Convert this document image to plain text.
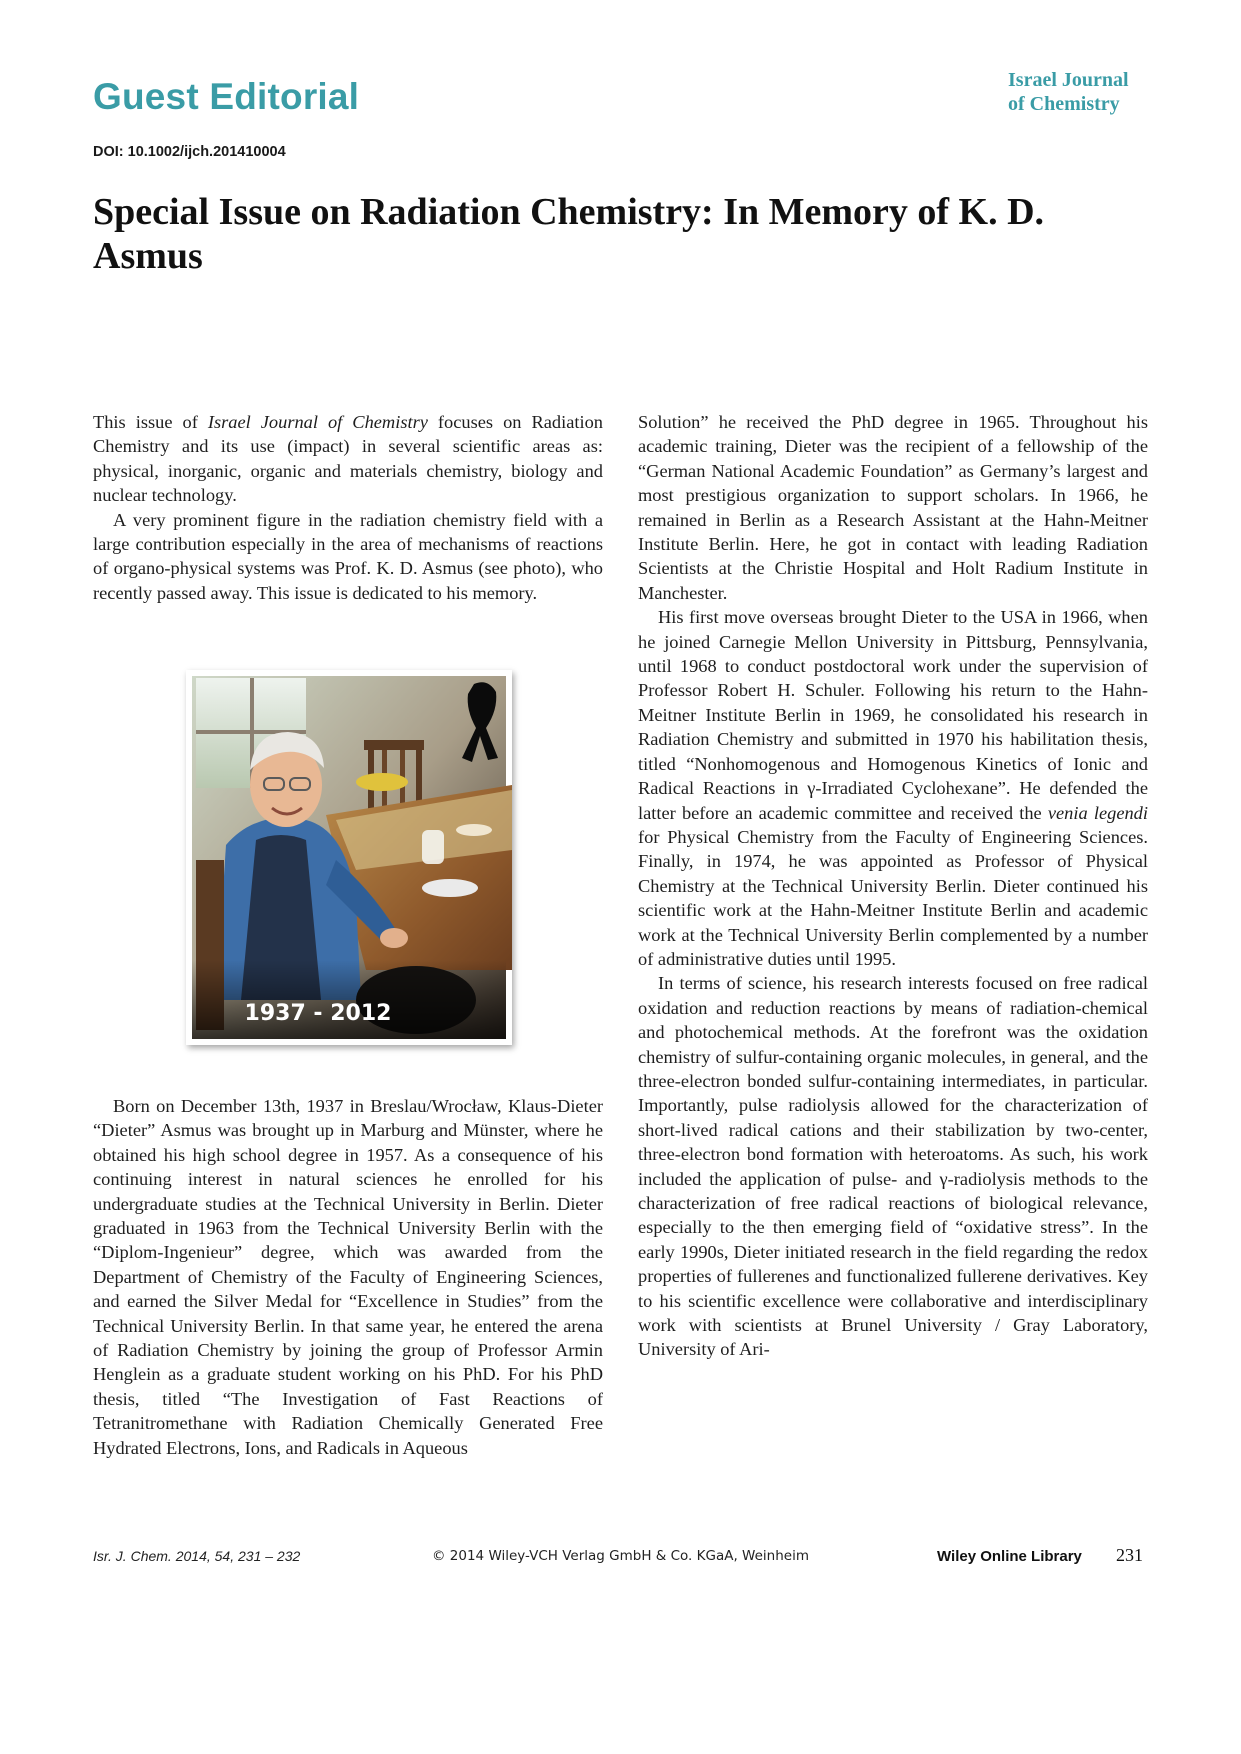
Guest Editorial	Israel Journal
of Chemistry
DOI: 10.1002/ijch.201410004
Special Issue on Radiation Chemistry: In Memory of K. D. Asmus

This issue of Israel Journal of Chemistry focuses on Radiation Chemistry and its use (impact) in several scientific areas as: physical, inorganic, organic and materials chemistry, biology and nuclear technology.

A very prominent figure in the radiation chemistry field with a large contribution especially in the area of mechanisms of reactions of organo-physical systems was Prof. K. D. Asmus (see photo), who recently passed away. This issue is dedicated to his memory.

1937 - 2012

Born on December 13th, 1937 in Breslau/Wrocław, Klaus-Dieter “Dieter” Asmus was brought up in Marburg and Münster, where he obtained his high school degree in 1957. As a consequence of his continuing interest in natural sciences he enrolled for his undergraduate studies at the Technical University in Berlin. Dieter graduated in 1963 from the Technical University Berlin with the “Diplom-Ingenieur” degree, which was awarded from the Department of Chemistry of the Faculty of Engineering Sciences, and earned the Silver Medal for “Excellence in Studies” from the Technical University Berlin. In that same year, he entered the arena of Radiation Chemistry by joining the group of Professor Armin Henglein as a graduate student working on his PhD. For his PhD thesis, titled “The Investigation of Fast Reactions of Tetranitromethane with Radiation Chemically Generated Free Hydrated Electrons, Ions, and Radicals in Aqueous

Solution” he received the PhD degree in 1965. Throughout his academic training, Dieter was the recipient of a fellowship of the “German National Academic Foundation” as Germany’s largest and most prestigious organization to support scholars. In 1966, he remained in Berlin as a Research Assistant at the Hahn-Meitner Institute Berlin. Here, he got in contact with leading Radiation Scientists at the Christie Hospital and Holt Radium Institute in Manchester.

His first move overseas brought Dieter to the USA in 1966, when he joined Carnegie Mellon University in Pittsburg, Pennsylvania, until 1968 to conduct postdoctoral work under the supervision of Professor Robert H. Schuler. Following his return to the Hahn-Meitner Institute Berlin in 1969, he consolidated his research in Radiation Chemistry and submitted in 1970 his habilitation thesis, titled “Nonhomogenous and Homogenous Kinetics of Ionic and Radical Reactions in γ-Irradiated Cyclohexane”. He defended the latter before an academic committee and received the venia legendi for Physical Chemistry from the Faculty of Engineering Sciences. Finally, in 1974, he was appointed as Professor of Physical Chemistry at the Technical University Berlin. Dieter continued his scientific work at the Hahn-Meitner Institute Berlin and academic work at the Technical University Berlin complemented by a number of administrative duties until 1995.

In terms of science, his research interests focused on free radical oxidation and reduction reactions by means of radiation-chemical and photochemical methods. At the forefront was the oxidation chemistry of sulfur-containing organic molecules, in general, and the three-electron bonded sulfur-containing intermediates, in particular. Importantly, pulse radiolysis allowed for the characterization of short-lived radical cations and their stabilization by two-center, three-electron bond formation with heteroatoms. As such, his work included the application of pulse- and γ-radiolysis methods to the characterization of free radical reactions of biological relevance, especially to the then emerging field of “oxidative stress”. In the early 1990s, Dieter initiated research in the field regarding the redox properties of fullerenes and functionalized fullerene derivatives. Key to his scientific excellence were collaborative and interdisciplinary work with scientists at Brunel University / Gray Laboratory, University of Ari-

Isr. J. Chem. 2014, 54, 231 – 232	© 2014 Wiley-VCH Verlag GmbH & Co. KGaA, Weinheim	Wiley Online Library 231
